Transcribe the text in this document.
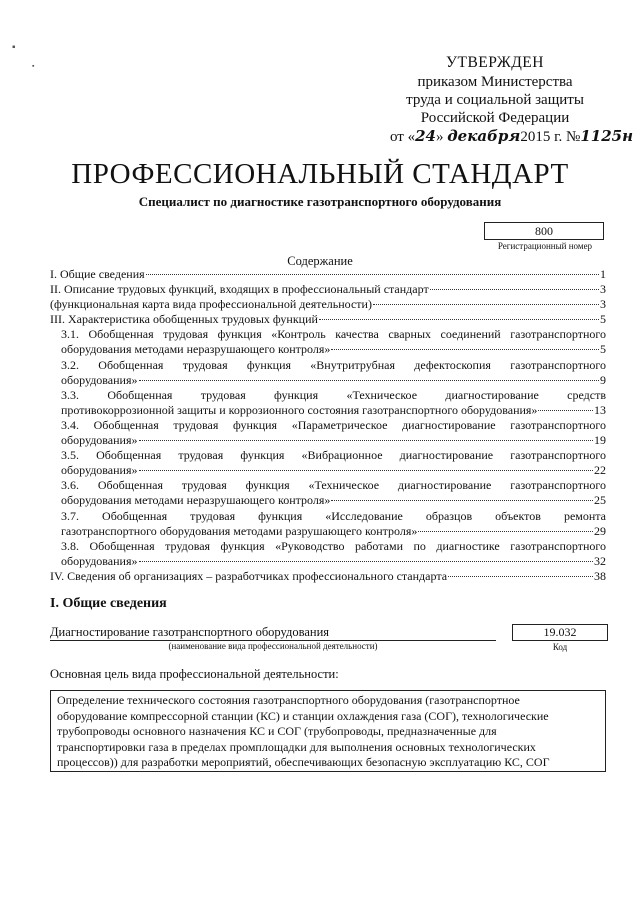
▪
▪	УТВЕРЖДЕН
приказом Министерства
труда и социальной защиты
Российской Федерации
от «24» декабря2015 г. №1125н
ПРОФЕССИОНАЛЬНЫЙ СТАНДАРТ
Специалист по диагностике газотранспортного оборудования
800
Регистрационный номер
Содержание
I. Общие сведения	1
II. Описание трудовых функций, входящих в профессиональный стандарт	3
(функциональная карта вида профессиональной деятельности)	3
III. Характеристика обобщенных трудовых функций	5
3.1. Обобщенная трудовая функция «Контроль качества сварных соединений газотранспортного
оборудования методами неразрушающего контроля»	5
3.2. Обобщенная трудовая функция «Внутритрубная дефектоскопия газотранспортного
оборудования»	9
3.3. Обобщенная трудовая функция «Техническое диагностирование средств
противокоррозионной защиты и коррозионного состояния газотранспортного оборудования»	13
3.4. Обобщенная трудовая функция «Параметрическое диагностирование газотранспортного
оборудования»	19
3.5. Обобщенная трудовая функция «Вибрационное диагностирование газотранспортного
оборудования»	22
3.6. Обобщенная трудовая функция «Техническое диагностирование газотранспортного
оборудования методами неразрушающего контроля»	25
3.7. Обобщенная трудовая функция «Исследование образцов объектов ремонта
газотранспортного оборудования методами разрушающего контроля»	29
3.8. Обобщенная трудовая функция «Руководство работами по диагностике газотранспортного
оборудования»	32
IV. Сведения об организациях – разработчиках профессионального стандарта	38
I. Общие сведения
Диагностирование газотранспортного оборудования
(наименование вида профессиональной деятельности)
19.032
Код
Основная цель вида профессиональной деятельности:
Определение технического состояния газотранспортного оборудования (газотранспортное
оборудование компрессорной станции (КС) и станции охлаждения газа (СОГ), технологические
трубопроводы основного назначения КС и СОГ (трубопроводы, предназначенные для
транспортировки газа в пределах промплощадки для выполнения основных технологических
процессов)) для разработки мероприятий, обеспечивающих безопасную эксплуатацию КС, СОГ
